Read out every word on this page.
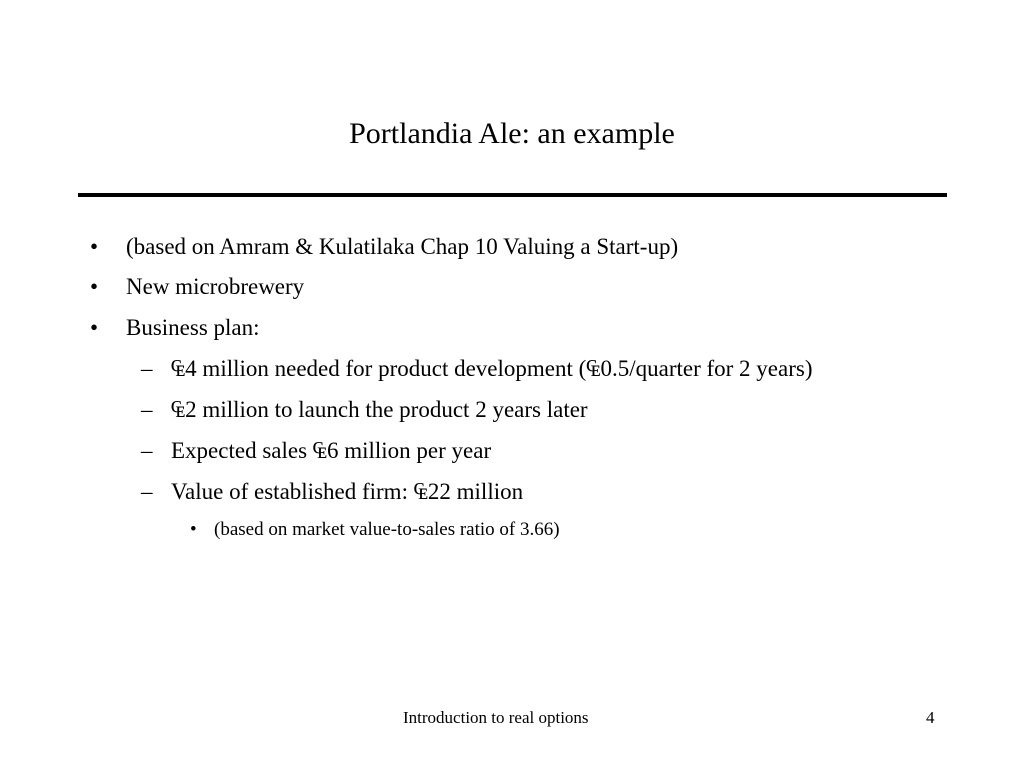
Portlandia Ale: an example
• (based on Amram & Kulatilaka Chap 10 Valuing a Start-up)
• New microbrewery
• Business plan:
– ₠4 million needed for product development (₠0.5/quarter for 2 years)
– ₠2 million to launch the product 2 years later
– Expected sales ₠6 million per year
– Value of established firm: ₠22 million
• (based on market value-to-sales ratio of 3.66)
Introduction to real options	4
